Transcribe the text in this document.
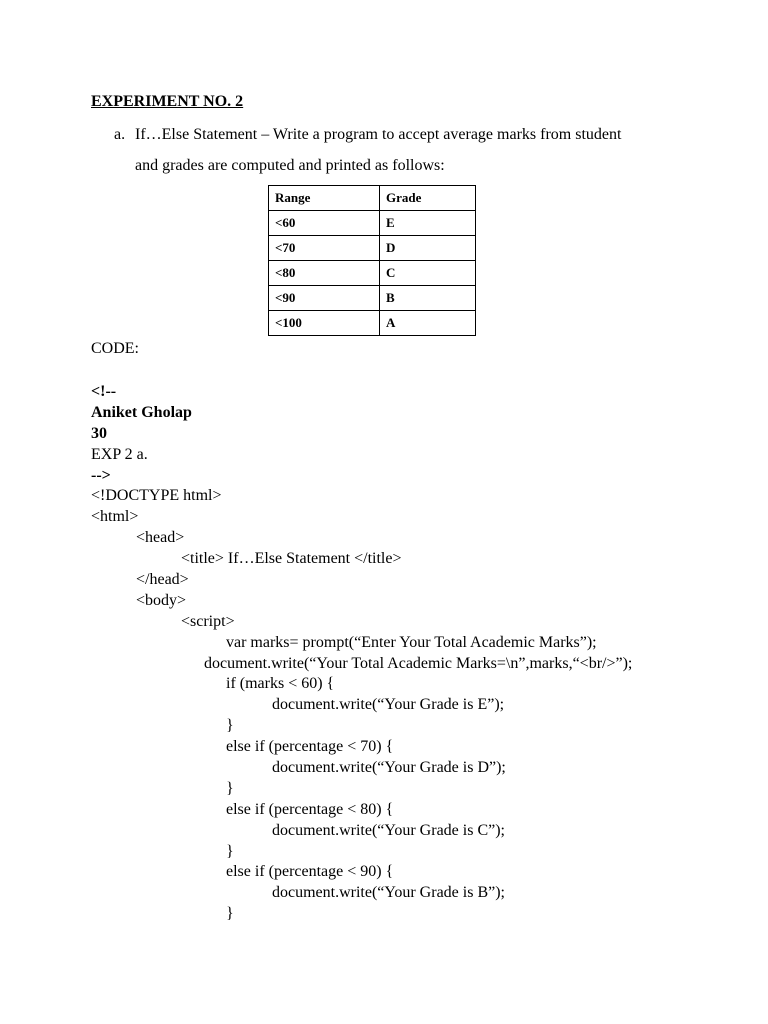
EXPERIMENT NO. 2
a. If…Else Statement – Write a program to accept average marks from student
and grades are computed and printed as follows:
Range	Grade
<60	E
<70	D
<80	C
<90	B
<100	A
CODE:
<!--
Aniket Gholap
30
EXP 2 a.
-->
<!DOCTYPE html>
<html>
<head>
<title> If…Else Statement </title>
</head>
<body>
<script>
var marks= prompt(“Enter Your Total Academic Marks”);
document.write(“Your Total Academic Marks=\n”,marks,“<br/>”);
if (marks < 60) {
document.write(“Your Grade is E”);
}
else if (percentage < 70) {
document.write(“Your Grade is D”);
}
else if (percentage < 80) {
document.write(“Your Grade is C”);
}
else if (percentage < 90) {
document.write(“Your Grade is B”);
}
